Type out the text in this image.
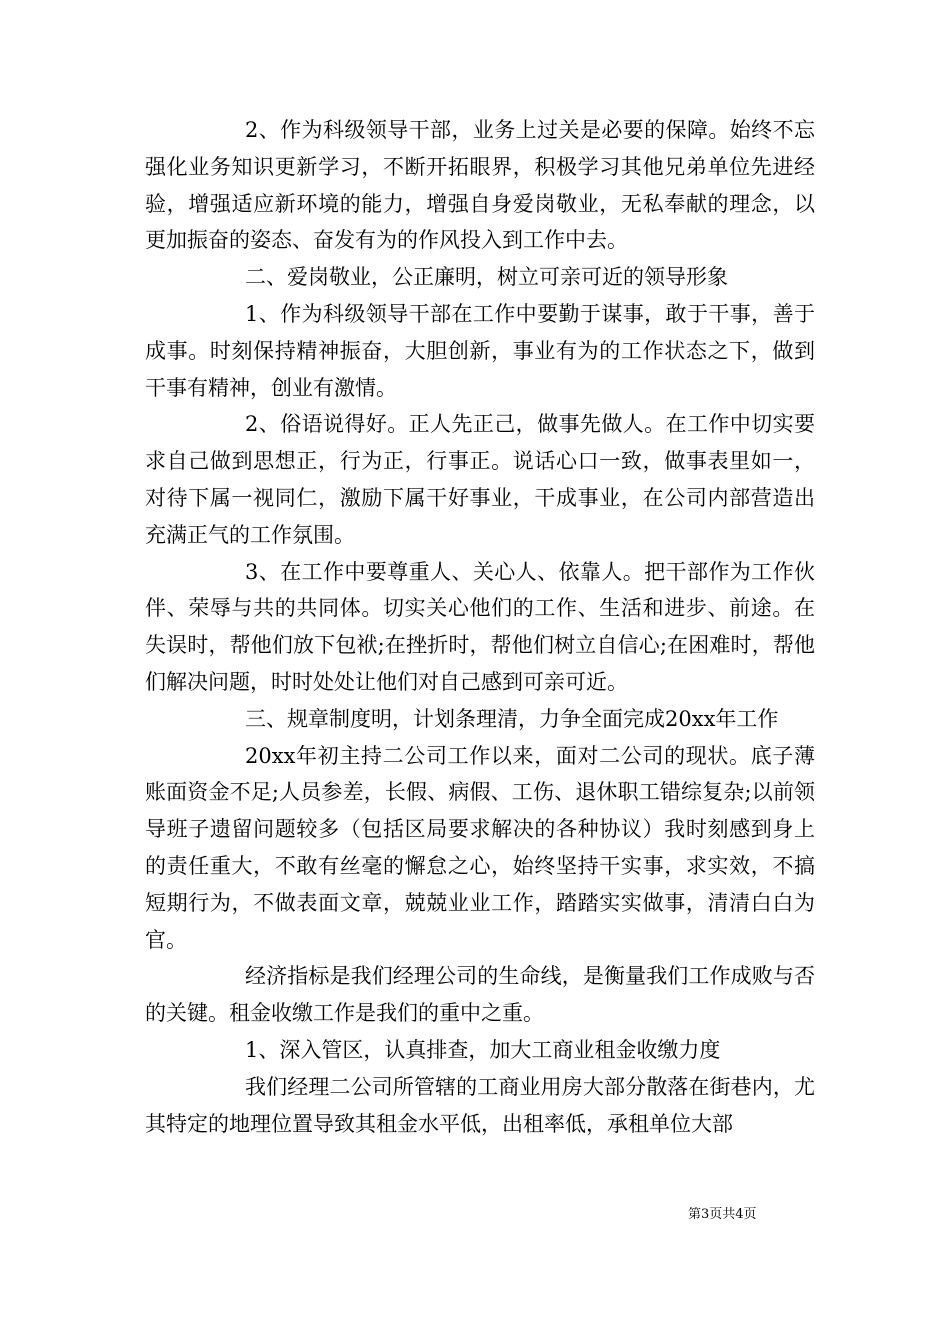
2、作为科级领导干部，业务上过关是必要的保障。始终不忘强化业务知识更新学习，不断开拓眼界，积极学习其他兄弟单位先进经验，增强适应新环境的能力，增强自身爱岗敬业，无私奉献的理念，以更加振奋的姿态、奋发有为的作风投入到工作中去。

二、爱岗敬业，公正廉明，树立可亲可近的领导形象

1、作为科级领导干部在工作中要勤于谋事，敢于干事，善于成事。时刻保持精神振奋，大胆创新，事业有为的工作状态之下，做到干事有精神，创业有激情。

2、俗语说得好。正人先正己，做事先做人。在工作中切实要求自己做到思想正，行为正，行事正。说话心口一致，做事表里如一，对待下属一视同仁，激励下属干好事业，干成事业，在公司内部营造出充满正气的工作氛围。

3、在工作中要尊重人、关心人、依靠人。把干部作为工作伙伴、荣辱与共的共同体。切实关心他们的工作、生活和进步、前途。在失误时，帮他们放下包袱;在挫折时，帮他们树立自信心;在困难时，帮他们解决问题，时时处处让他们对自己感到可亲可近。

三、规章制度明，计划条理清，力争全面完成20xx年工作

20xx年初主持二公司工作以来，面对二公司的现状。底子薄账面资金不足;人员参差，长假、病假、工伤、退休职工错综复杂;以前领导班子遗留问题较多（包括区局要求解决的各种协议）我时刻感到身上的责任重大，不敢有丝毫的懈怠之心，始终坚持干实事，求实效，不搞短期行为，不做表面文章，兢兢业业工作，踏踏实实做事，清清白白为官。

经济指标是我们经理公司的生命线，是衡量我们工作成败与否的关键。租金收缴工作是我们的重中之重。

1、深入管区，认真排查，加大工商业租金收缴力度

我们经理二公司所管辖的工商业用房大部分散落在街巷内，尤其特定的地理位置导致其租金水平低，出租率低，承租单位大部

第3页共4页
